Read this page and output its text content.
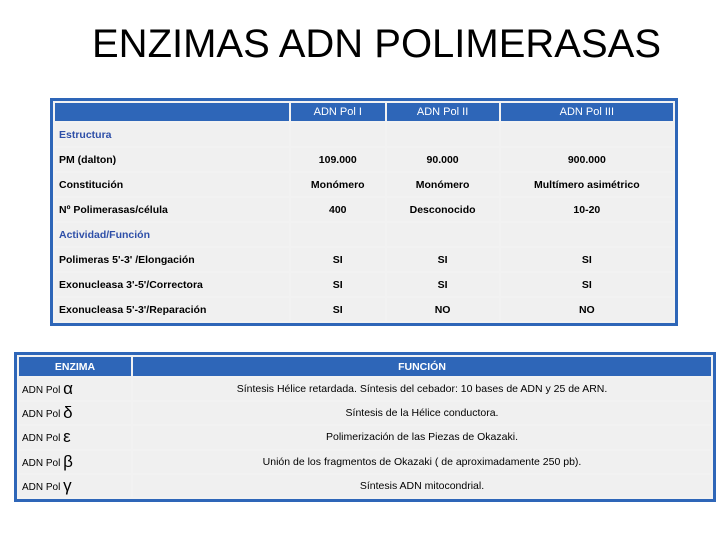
ENZIMAS ADN POLIMERASAS
	ADN Pol I	ADN Pol II	ADN Pol III
Estructura			
PM (dalton)	109.000	90.000	900.000
Constitución	Monómero	Monómero	Multímero asimétrico
Nº Polimerasas/célula	400	Desconocido	10-20
Actividad/Función			
Polimeras 5'-3' /Elongación	SI	SI	SI
Exonucleasa 3'-5'/Correctora	SI	SI	SI
Exonucleasa 5'-3'/Reparación	SI	NO	NO
ENZIMA	FUNCIÓN
ADN Pol α	Síntesis Hélice retardada. Síntesis del cebador: 10 bases de ADN y 25 de ARN.
ADN Pol δ	Síntesis de la Hélice conductora.
ADN Pol ε	Polimerización de las Piezas de Okazaki.
ADN Pol β	Unión de los fragmentos de Okazaki ( de aproximadamente 250 pb).
ADN Pol γ	Síntesis ADN mitocondrial.
